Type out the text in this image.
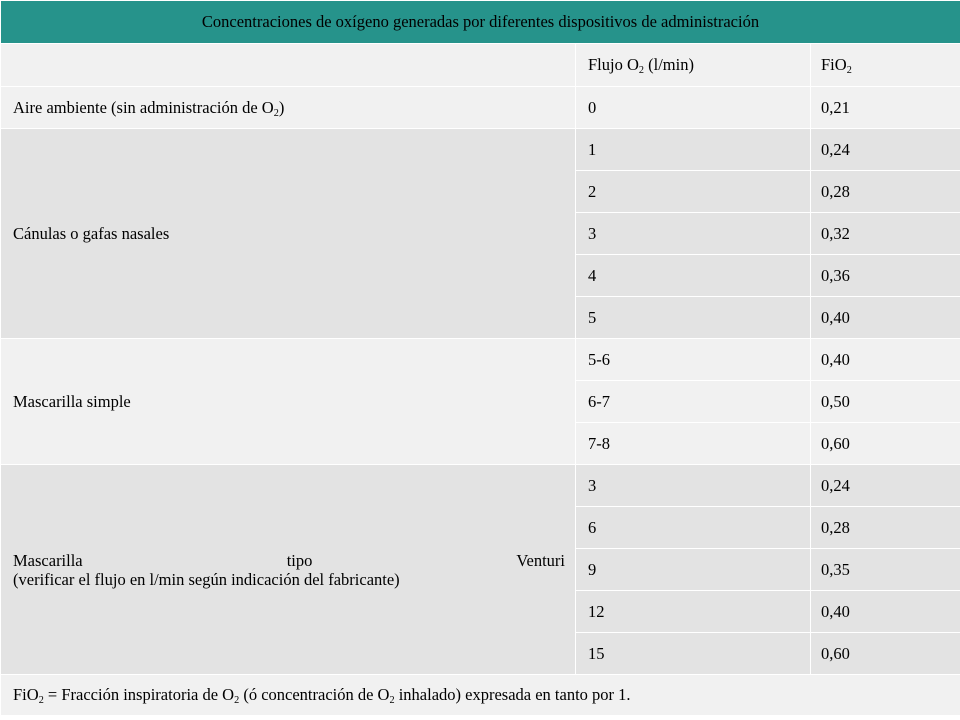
Concentraciones de oxígeno generadas por diferentes dispositivos de administración		
	Flujo $O_2$ (l/min)	FiO$_2$
Aire ambiente (sin administración de $O_2$)	0	0,21
Cánulas o gafas nasales	1	0,24
	2	0,28
	3	0,32
	4	0,36
	5	0,40
Mascarilla simple	5-6	0,40
	6-7	0,50
	7-8	0,60

Mascarilla tipo Venturi
(verificar el flujo en l/min según indicación del fabricante)	3	0,24
	6	0,28
	9	0,35
	12	0,40
	15	0,60
FiO$_2$ = Fracción inspiratoria de $O_2$ (ó concentración de $O_2$ inhalado) expresada en tanto por 1.		
